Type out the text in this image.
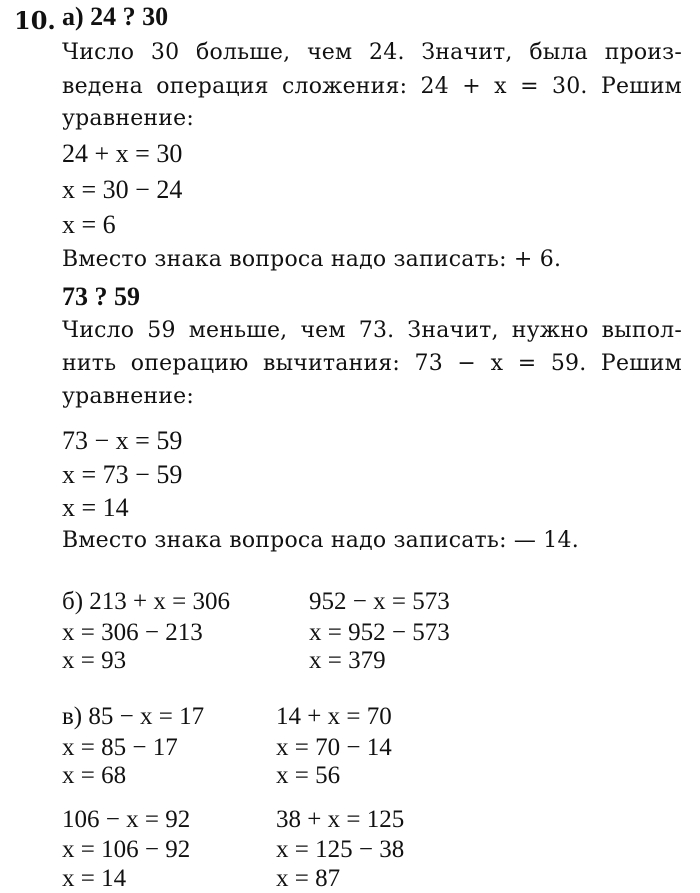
10. а) 24 ? 30
Число 30 больше, чем 24. Значит, была произ-
ведена операция сложения: 24 + x = 30. Решим
уравнение:
24 + x = 30
x = 30 − 24
x = 6
Вместо знака вопроса надо записать: + 6.
73 ? 59
Число 59 меньше, чем 73. Значит, нужно выпол-
нить операцию вычитания: 73 − x = 59. Решим
уравнение:
73 − x = 59
x = 73 − 59
x = 14
Вместо знака вопроса надо записать: — 14.
б) 213 + x = 306
x = 306 − 213
x = 93
952 − x = 573
x = 952 − 573
x = 379
в) 85 − x = 17
x = 85 − 17
x = 68
14 + x = 70
x = 70 − 14
x = 56
106 − x = 92
x = 106 − 92
x = 14
38 + x = 125
x = 125 − 38
x = 87
